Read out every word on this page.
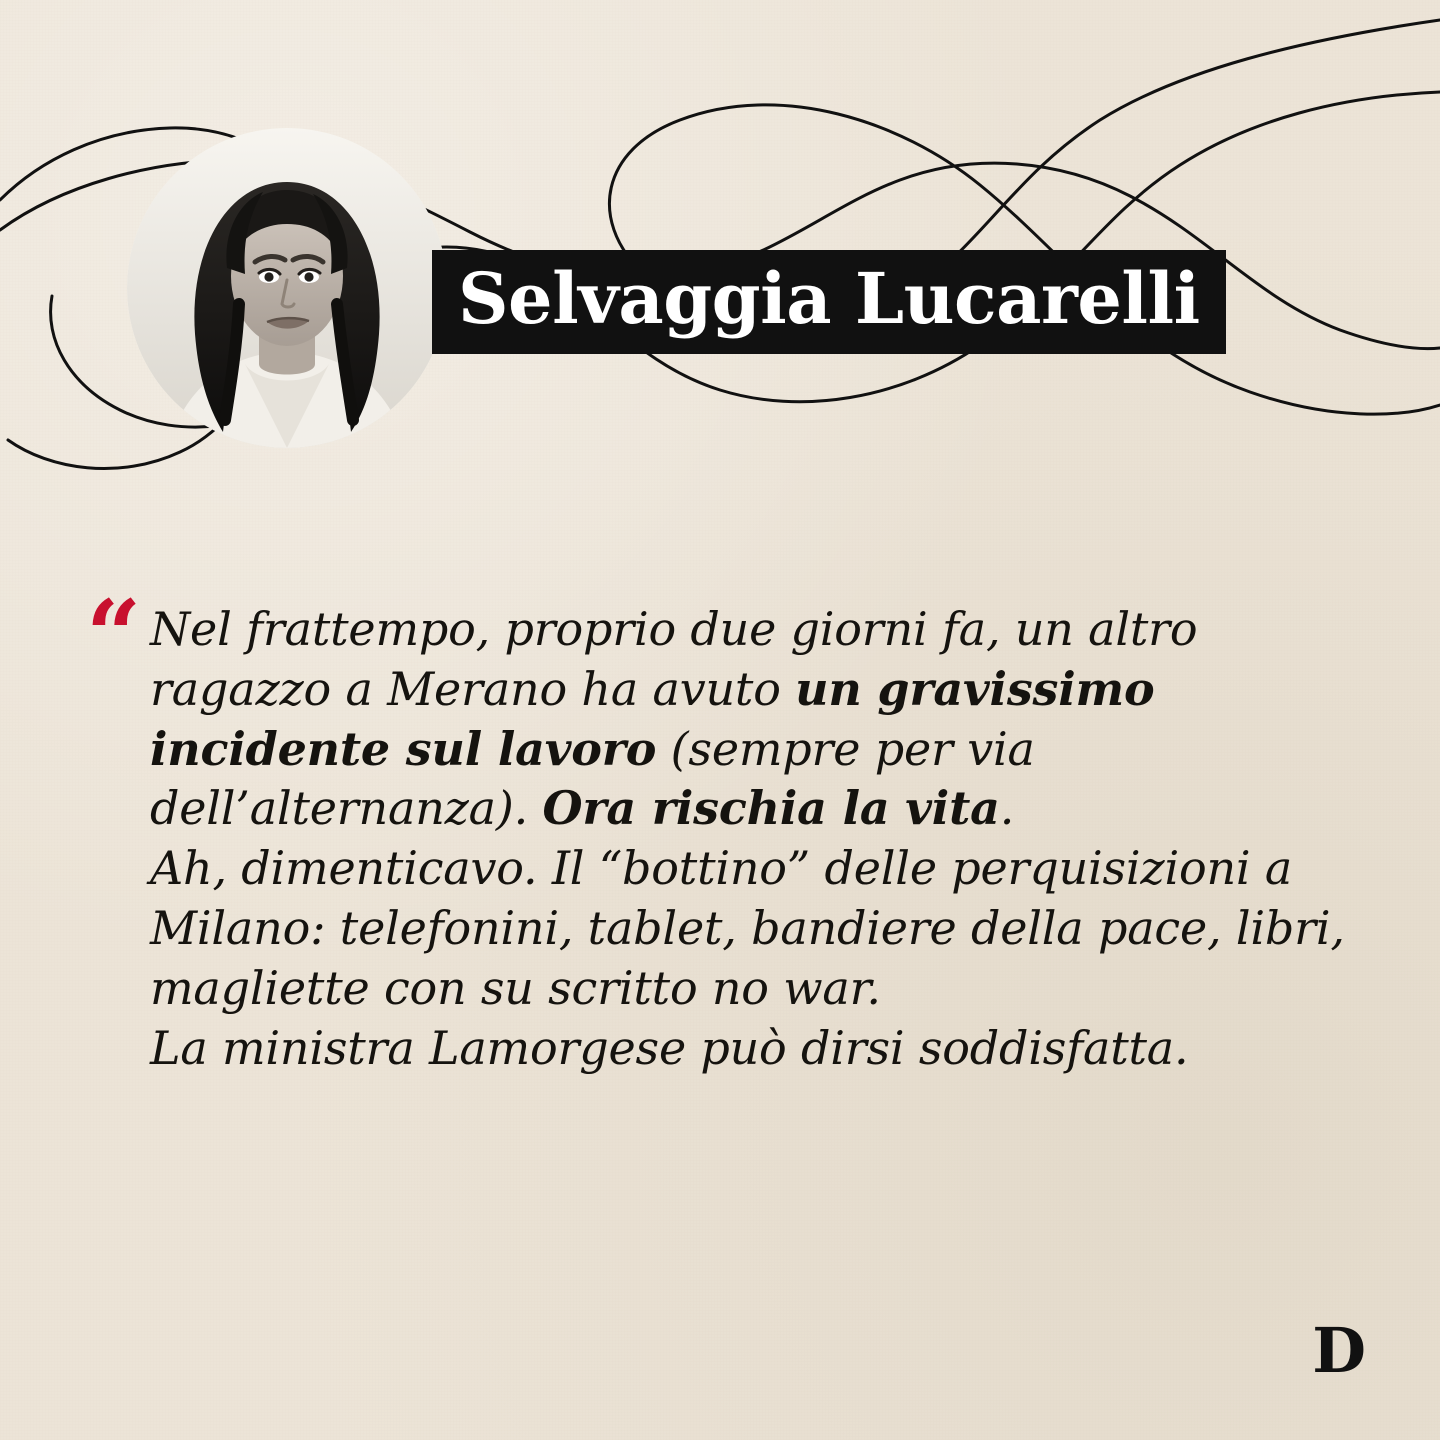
Selvaggia Lucarelli
“ Nel frattempo, proprio due giorni fa, un altro ragazzo a Merano ha avuto un gravissimo incidente sul lavoro (sempre per via dell’alternanza). Ora rischia la vita.

Ah, dimenticavo. Il “bottino” delle perquisizioni a Milano: telefonini, tablet, bandiere della pace, libri, magliette con su scritto no war.

La ministra Lamorgese può dirsi soddisfatta.

D
